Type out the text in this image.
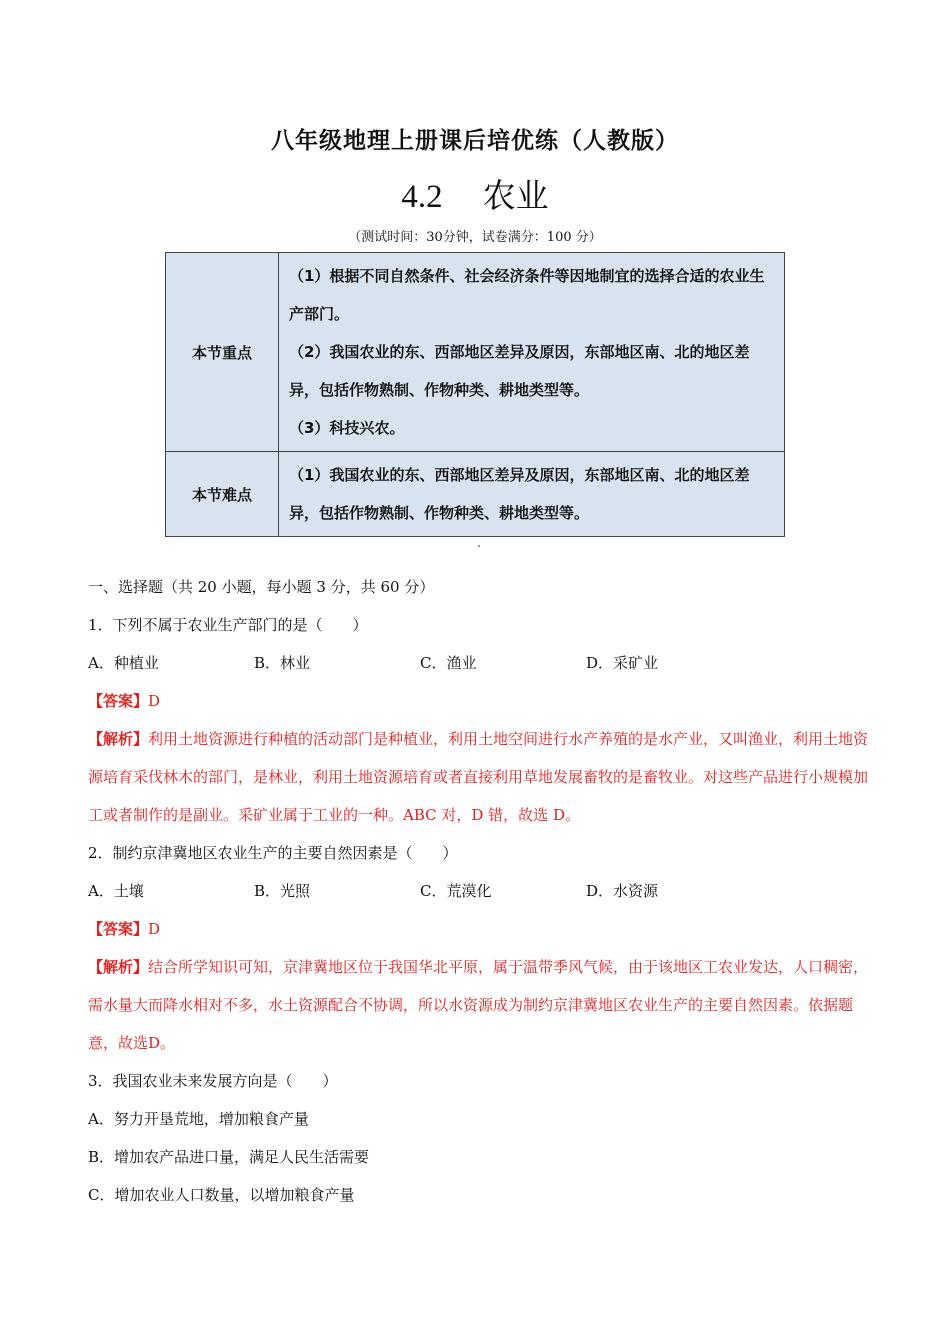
八年级地理上册课后培优练（人教版）
4.2 农业
（测试时间：30分钟，试卷满分：100 分）
本节重点	（1）根据不同自然条件、社会经济条件等因地制宜的选择合适的农业生产部门。
（2）我国农业的东、西部地区差异及原因，东部地区南、北的地区差异，包括作物熟制、作物种类、耕地类型等。
（3）科技兴农。

本节难点	（1）我国农业的东、西部地区差异及原因，东部地区南、北的地区差异，包括作物熟制、作物种类、耕地类型等。
一、选择题（共 20 小题，每小题 3 分，共 60 分）
1．下列不属于农业生产部门的是（　　）
A．种植业	B．林业	C．渔业	D．采矿业
【答案】D
【解析】利用土地资源进行种植的活动部门是种植业，利用土地空间进行水产养殖的是水产业，又叫渔业，利用土地资源培育采伐林木的部门，是林业，利用土地资源培育或者直接利用草地发展畜牧的是畜牧业。对这些产品进行小规模加工或者制作的是副业。采矿业属于工业的一种。ABC 对，D 错，故选 D。
2．制约京津冀地区农业生产的主要自然因素是（　　）
A．土壤	B．光照	C．荒漠化	D．水资源
【答案】D
【解析】结合所学知识可知，京津冀地区位于我国华北平原，属于温带季风气候，由于该地区工农业发达，人口稠密，需水量大而降水相对不多，水土资源配合不协调，所以水资源成为制约京津冀地区农业生产的主要自然因素。依据题意，故选D。
3．我国农业未来发展方向是（　　）
A．努力开垦荒地，增加粮食产量
B．增加农产品进口量，满足人民生活需要
C．增加农业人口数量，以增加粮食产量
